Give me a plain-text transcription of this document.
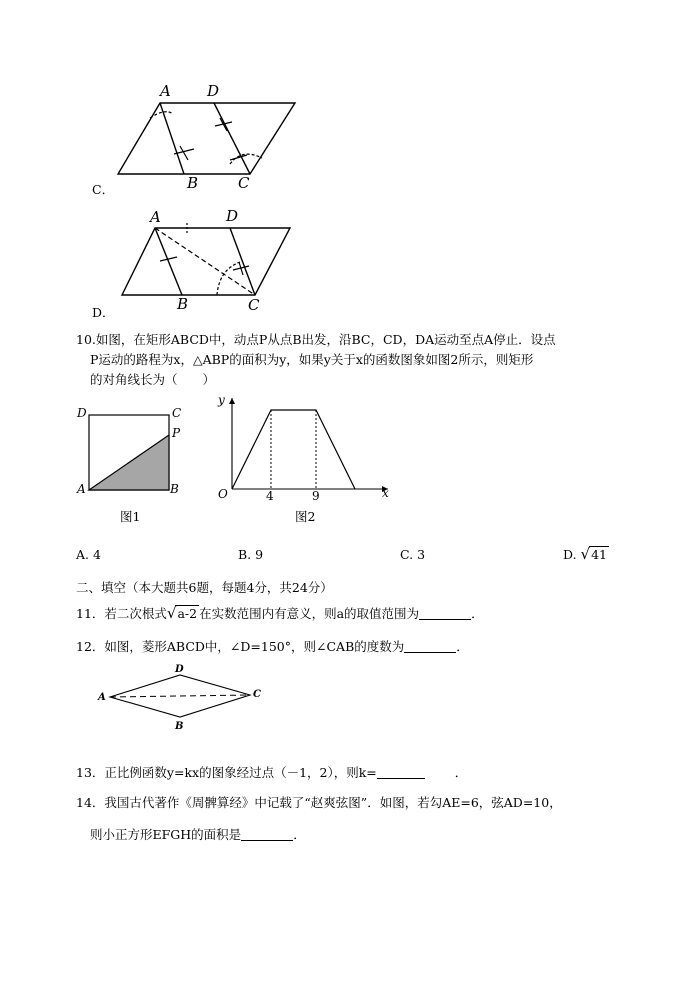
A D
B	C
C．
A	D
B	C
D．
10.如图，在矩形ABCD中，动点P从点B出发，沿BC，CD，DA运动至点A停止．设点
P运动的路程为x，△ABP的面积为y，如果y关于x的函数图象如图2所示，则矩形
的对角线长为（　　）
D	C
P
A	B
图1
y
x
O	4	9
图2
A. 4	B. 9	C. 3	D. √41
二、填空（本大题共6题，每题4分，共24分）
11．若二次根式√a-2 在实数范围内有意义，则a的取值范围为	．
12．如图，菱形ABCD中，∠D=150°，则∠CAB的度数为	．
D
A	C
B
13．正比例函数y=kx的图象经过点（－1，2），则k=	．
14．我国古代著作《周髀算经》中记载了“赵爽弦图”．如图，若勾AE=6，弦AD=10，
则小正方形EFGH的面积是	．
